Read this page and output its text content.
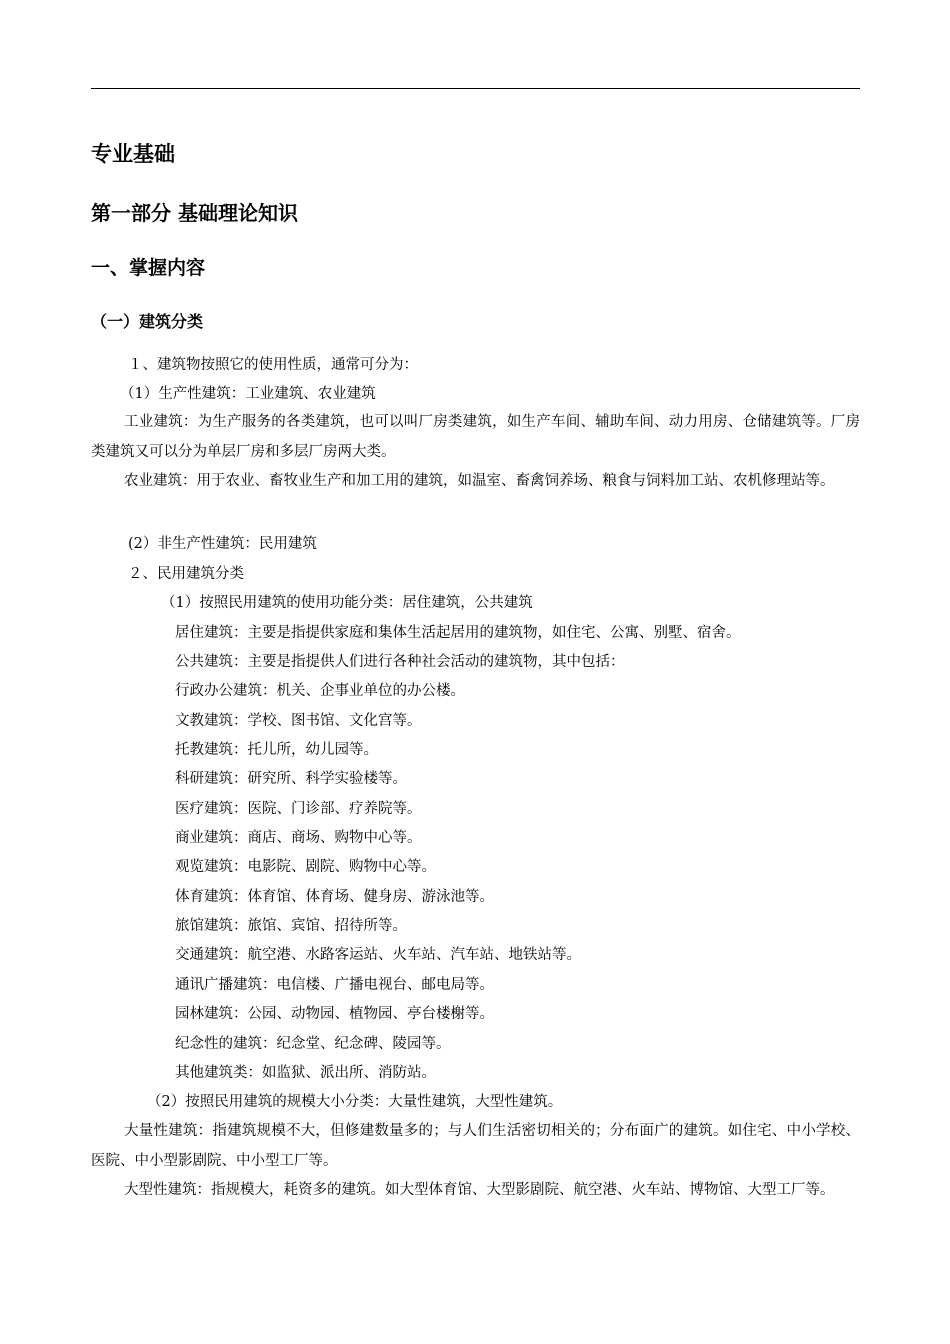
专业基础
第一部分 基础理论知识
一、掌握内容
（一）建筑分类
１、建筑物按照它的使用性质，通常可分为：
（1）生产性建筑：工业建筑、农业建筑
工业建筑：为生产服务的各类建筑，也可以叫厂房类建筑，如生产车间、辅助车间、动力用房、仓储建筑等。厂房类建筑又可以分为单层厂房和多层厂房两大类。
农业建筑：用于农业、畜牧业生产和加工用的建筑，如温室、畜禽饲养场、粮食与饲料加工站、农机修理站等。
(2）非生产性建筑：民用建筑
２、民用建筑分类
（1）按照民用建筑的使用功能分类：居住建筑，公共建筑
居住建筑：主要是指提供家庭和集体生活起居用的建筑物，如住宅、公寓、别墅、宿舍。
公共建筑：主要是指提供人们进行各种社会活动的建筑物，其中包括：
行政办公建筑：机关、企事业单位的办公楼。
文教建筑：学校、图书馆、文化宫等。
托教建筑：托儿所，幼儿园等。
科研建筑：研究所、科学实验楼等。
医疗建筑：医院、门诊部、疗养院等。
商业建筑：商店、商场、购物中心等。
观览建筑：电影院、剧院、购物中心等。
体育建筑：体育馆、体育场、健身房、游泳池等。
旅馆建筑：旅馆、宾馆、招待所等。
交通建筑：航空港、水路客运站、火车站、汽车站、地铁站等。
通讯广播建筑：电信楼、广播电视台、邮电局等。
园林建筑：公园、动物园、植物园、亭台楼榭等。
纪念性的建筑：纪念堂、纪念碑、陵园等。
其他建筑类：如监狱、派出所、消防站。
（2）按照民用建筑的规模大小分类：大量性建筑，大型性建筑。
大量性建筑：指建筑规模不大，但修建数量多的；与人们生活密切相关的；分布面广的建筑。如住宅、中小学校、医院、中小型影剧院、中小型工厂等。
大型性建筑：指规模大，耗资多的建筑。如大型体育馆、大型影剧院、航空港、火车站、博物馆、大型工厂等。
